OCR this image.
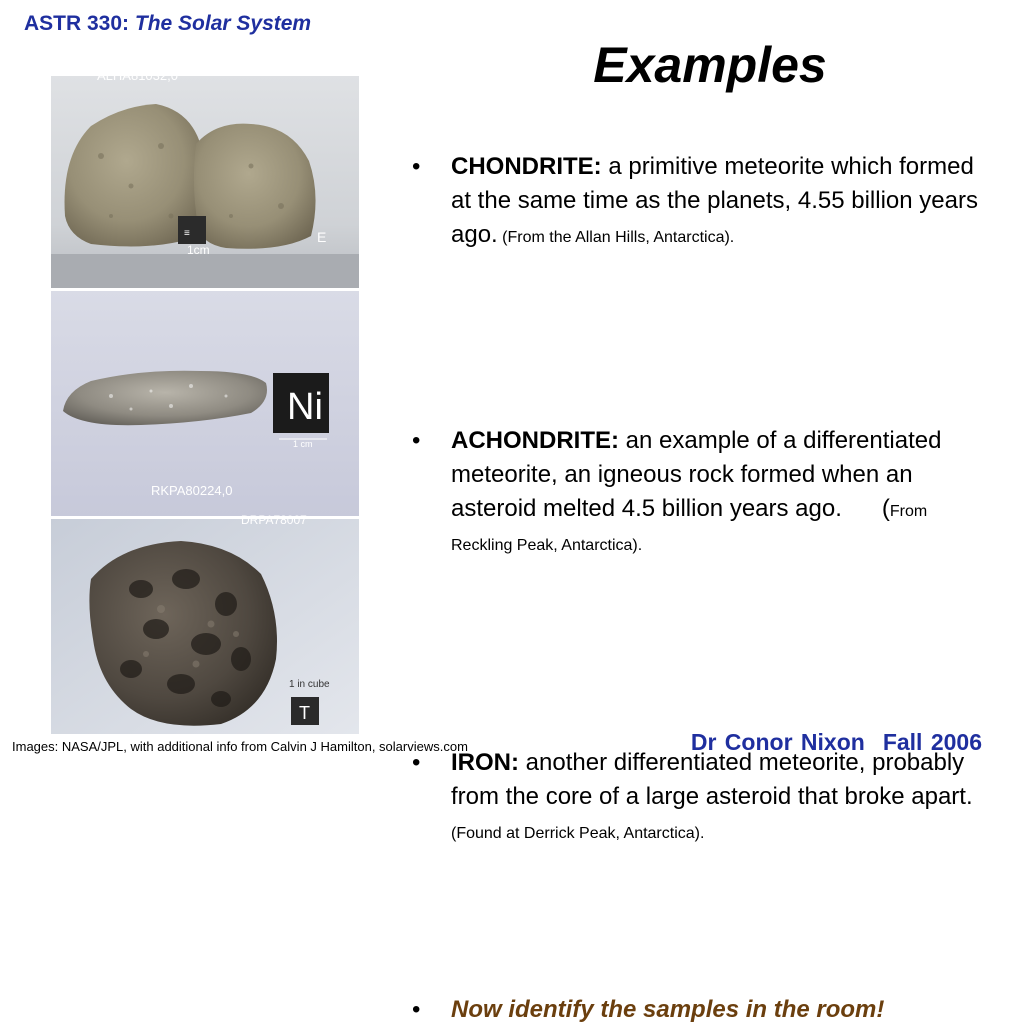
ASTR 330: The Solar System
Examples
≡
1cm
E
ALHA81032,0
Ni
1 cm
RKPA80224,0
1 in cube
T
DRPA78007
• CHONDRITE: a primitive meteorite which formed at the same time as the planets, 4.55 billion years ago. (From the Allan Hills, Antarctica).
• ACHONDRITE: an example of a differentiated meteorite, an igneous rock formed when an asteroid melted 4.5 billion years ago. (From Reckling Peak, Antarctica).
• IRON: another differentiated meteorite, probably from the core of a large asteroid that broke apart. (Found at Derrick Peak, Antarctica).
• Now identify the samples in the room!
Images: NASA/JPL, with additional info from Calvin J Hamilton, solarviews.com	Dr Conor Nixon Fall 2006
